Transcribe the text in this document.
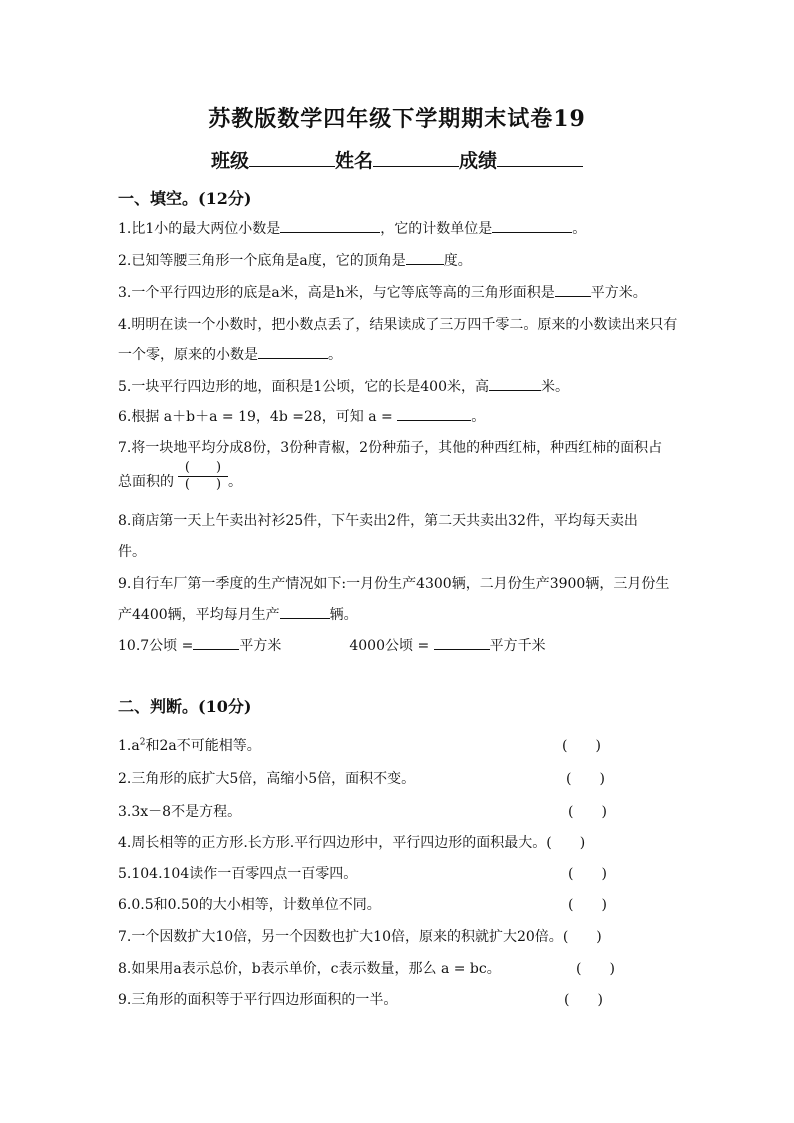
苏教版数学四年级下学期期末试卷19
班级	姓名	成绩
一、填空。(12分)
1.比1小的最大两位小数是	，它的计数单位是	。
2.已知等腰三角形一个底角是a度，它的顶角是	度。
3.一个平行四边形的底是a米，高是h米，与它等底等高的三角形面积是	平方米。
4.明明在读一个小数时，把小数点丢了，结果读成了三万四千零二。原来的小数读出来只有
一个零，原来的小数是	。
5.一块平行四边形的地，面积是1公顷，它的长是400米，高	米。
6.根据 a＋b＋a = 19，4b =28，可知 a =	。
7.将一块地平均分成8份，3份种青椒，2份种茄子，其他的种西红柿，种西红柿的面积占
总面积的	。
(　　)
(　　)
8.商店第一天上午卖出衬衫25件，下午卖出2件，第二天共卖出32件，平均每天卖出
件。
9.自行车厂第一季度的生产情况如下:一月份生产4300辆，二月份生产3900辆，三月份生
产4400辆，平均每月生产	辆。
10.7公顷 =	平方米	4000公顷 =	平方千米
二、判断。(10分)
$1.a^2$和2a不可能相等。	(　　)
2.三角形的底扩大5倍，高缩小5倍，面积不变。	(　　)
3.3x－8不是方程。	(　　)
4.周长相等的正方形.长方形.平行四边形中，平行四边形的面积最大。(　　)
5.104.104读作一百零四点一百零四。	(　　)
6.0.5和0.50的大小相等，计数单位不同。	(　　)
7.一个因数扩大10倍，另一个因数也扩大10倍，原来的积就扩大20倍。(　　)
8.如果用a表示总价，b表示单价，c表示数量，那么 a = bc。	(　　)
9.三角形的面积等于平行四边形面积的一半。	(　　)
